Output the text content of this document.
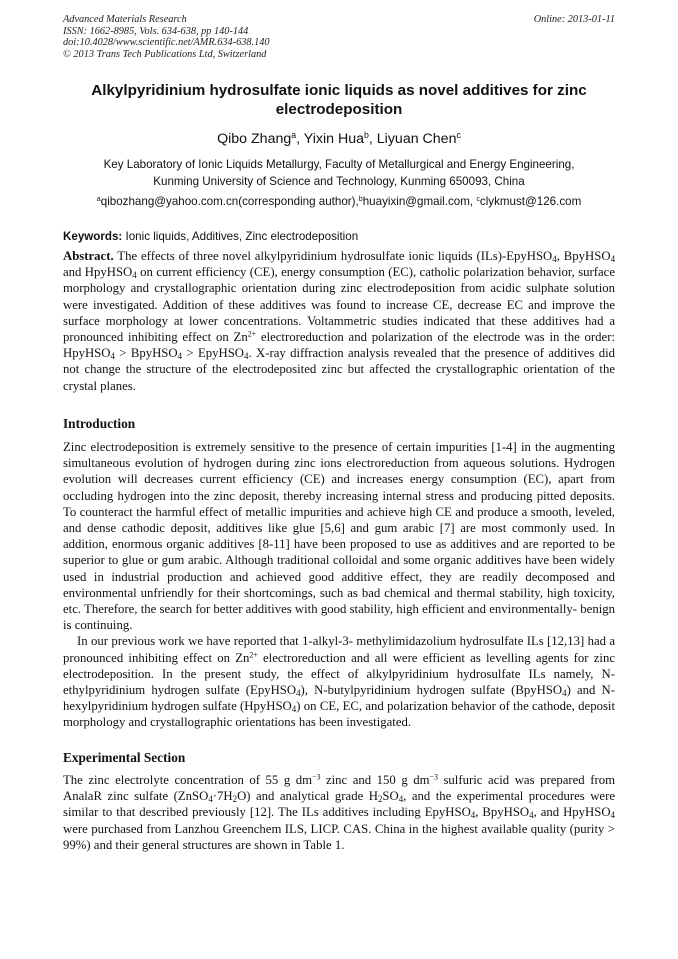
Advanced Materials Research
ISSN: 1662-8985, Vols. 634-638, pp 140-144
doi:10.4028/www.scientific.net/AMR.634-638.140
© 2013 Trans Tech Publications Ltd, Switzerland
Online: 2013-01-11
Alkylpyridinium hydrosulfate ionic liquids as novel additives for zinc electrodeposition
Qibo Zhang$^a$, Yixin Hua$^b$, Liyuan Chen$^c$
Key Laboratory of Ionic Liquids Metallurgy, Faculty of Metallurgical and Energy Engineering,
Kunming University of Science and Technology, Kunming 650093, China
$^a$qibozhang@yahoo.com.cn(corresponding author),$^b$huayixin@gmail.com, $^c$clykmust@126.com
Keywords: Ionic liquids, Additives, Zinc electrodeposition
Abstract. The effects of three novel alkylpyridinium hydrosulfate ionic liquids (ILs)-EpyHSO$_4$, BpyHSO$_4$ and HpyHSO$_4$ on current efficiency (CE), energy consumption (EC), catholic polarization behavior, surface morphology and crystallographic orientation during zinc electrodeposition from acidic sulphate solution were investigated. Addition of these additives was found to increase CE, decrease EC and improve the surface morphology at lower concentrations. Voltammetric studies indicated that these additives had a pronounced inhibiting effect on $Zn^{2+}$ electroreduction and polarization of the electrode was in the order: HpyHSO$_4$ > BpyHSO$_4$ > EpyHSO$_4$. X-ray diffraction analysis revealed that the presence of additives did not change the structure of the electrodeposited zinc but affected the crystallographic orientation of the crystal planes.
Introduction

Zinc electrodeposition is extremely sensitive to the presence of certain impurities [1-4] in the augmenting simultaneous evolution of hydrogen during zinc ions electroreduction from aqueous solutions. Hydrogen evolution will decreases current efficiency (CE) and increases energy consumption (EC), apart from occluding hydrogen into the zinc deposit, thereby increasing internal stress and producing pitted deposits. To counteract the harmful effect of metallic impurities and achieve high CE and produce a smooth, leveled, and dense cathodic deposit, additives like glue [5,6] and gum arabic [7] are most commonly used. In addition, enormous organic additives [8-11] have been proposed to use as additives and are reported to be superior to glue or gum arabic. Although traditional colloidal and some organic additives have been widely used in industrial production and achieved good additive effect, they are readily decomposed and environmental unfriendly for their shortcomings, such as bad chemical and thermal stability, high toxicity, etc. Therefore, the search for better additives with good stability, high efficient and environmentally- benign is continuing.

In our previous work we have reported that 1-alkyl-3- methylimidazolium hydrosulfate ILs [12,13] had a pronounced inhibiting effect on $Zn^{2+}$ electroreduction and all were efficient as levelling agents for zinc electrodeposition. In the present study, the effect of alkylpyridinium hydrosulfate ILs namely, N-ethylpyridinium hydrogen sulfate (EpyHSO$_4$), N-butylpyridinium hydrogen sulfate (BpyHSO$_4$) and N-hexylpyridinium hydrogen sulfate (HpyHSO$_4$) on CE, EC, and polarization behavior of the cathode, deposit morphology and crystallographic orientations has been investigated.

Experimental Section
The zinc electrolyte concentration of 55 g $dm^{-3}$ zinc and 150 g $dm^{-3}$ sulfuric acid was prepared from AnalaR zinc sulfate $(ZnSO_4\cdot 7H_2O)$ and analytical grade $H_2SO_4$, and the experimental procedures were similar to that described previously [12]. The ILs additives including EpyHSO$_4$, BpyHSO$_4$, and HpyHSO$_4$ were purchased from Lanzhou Greenchem ILS, LICP. CAS. China in the highest available quality (purity > 99%) and their general structures are shown in Table 1.
